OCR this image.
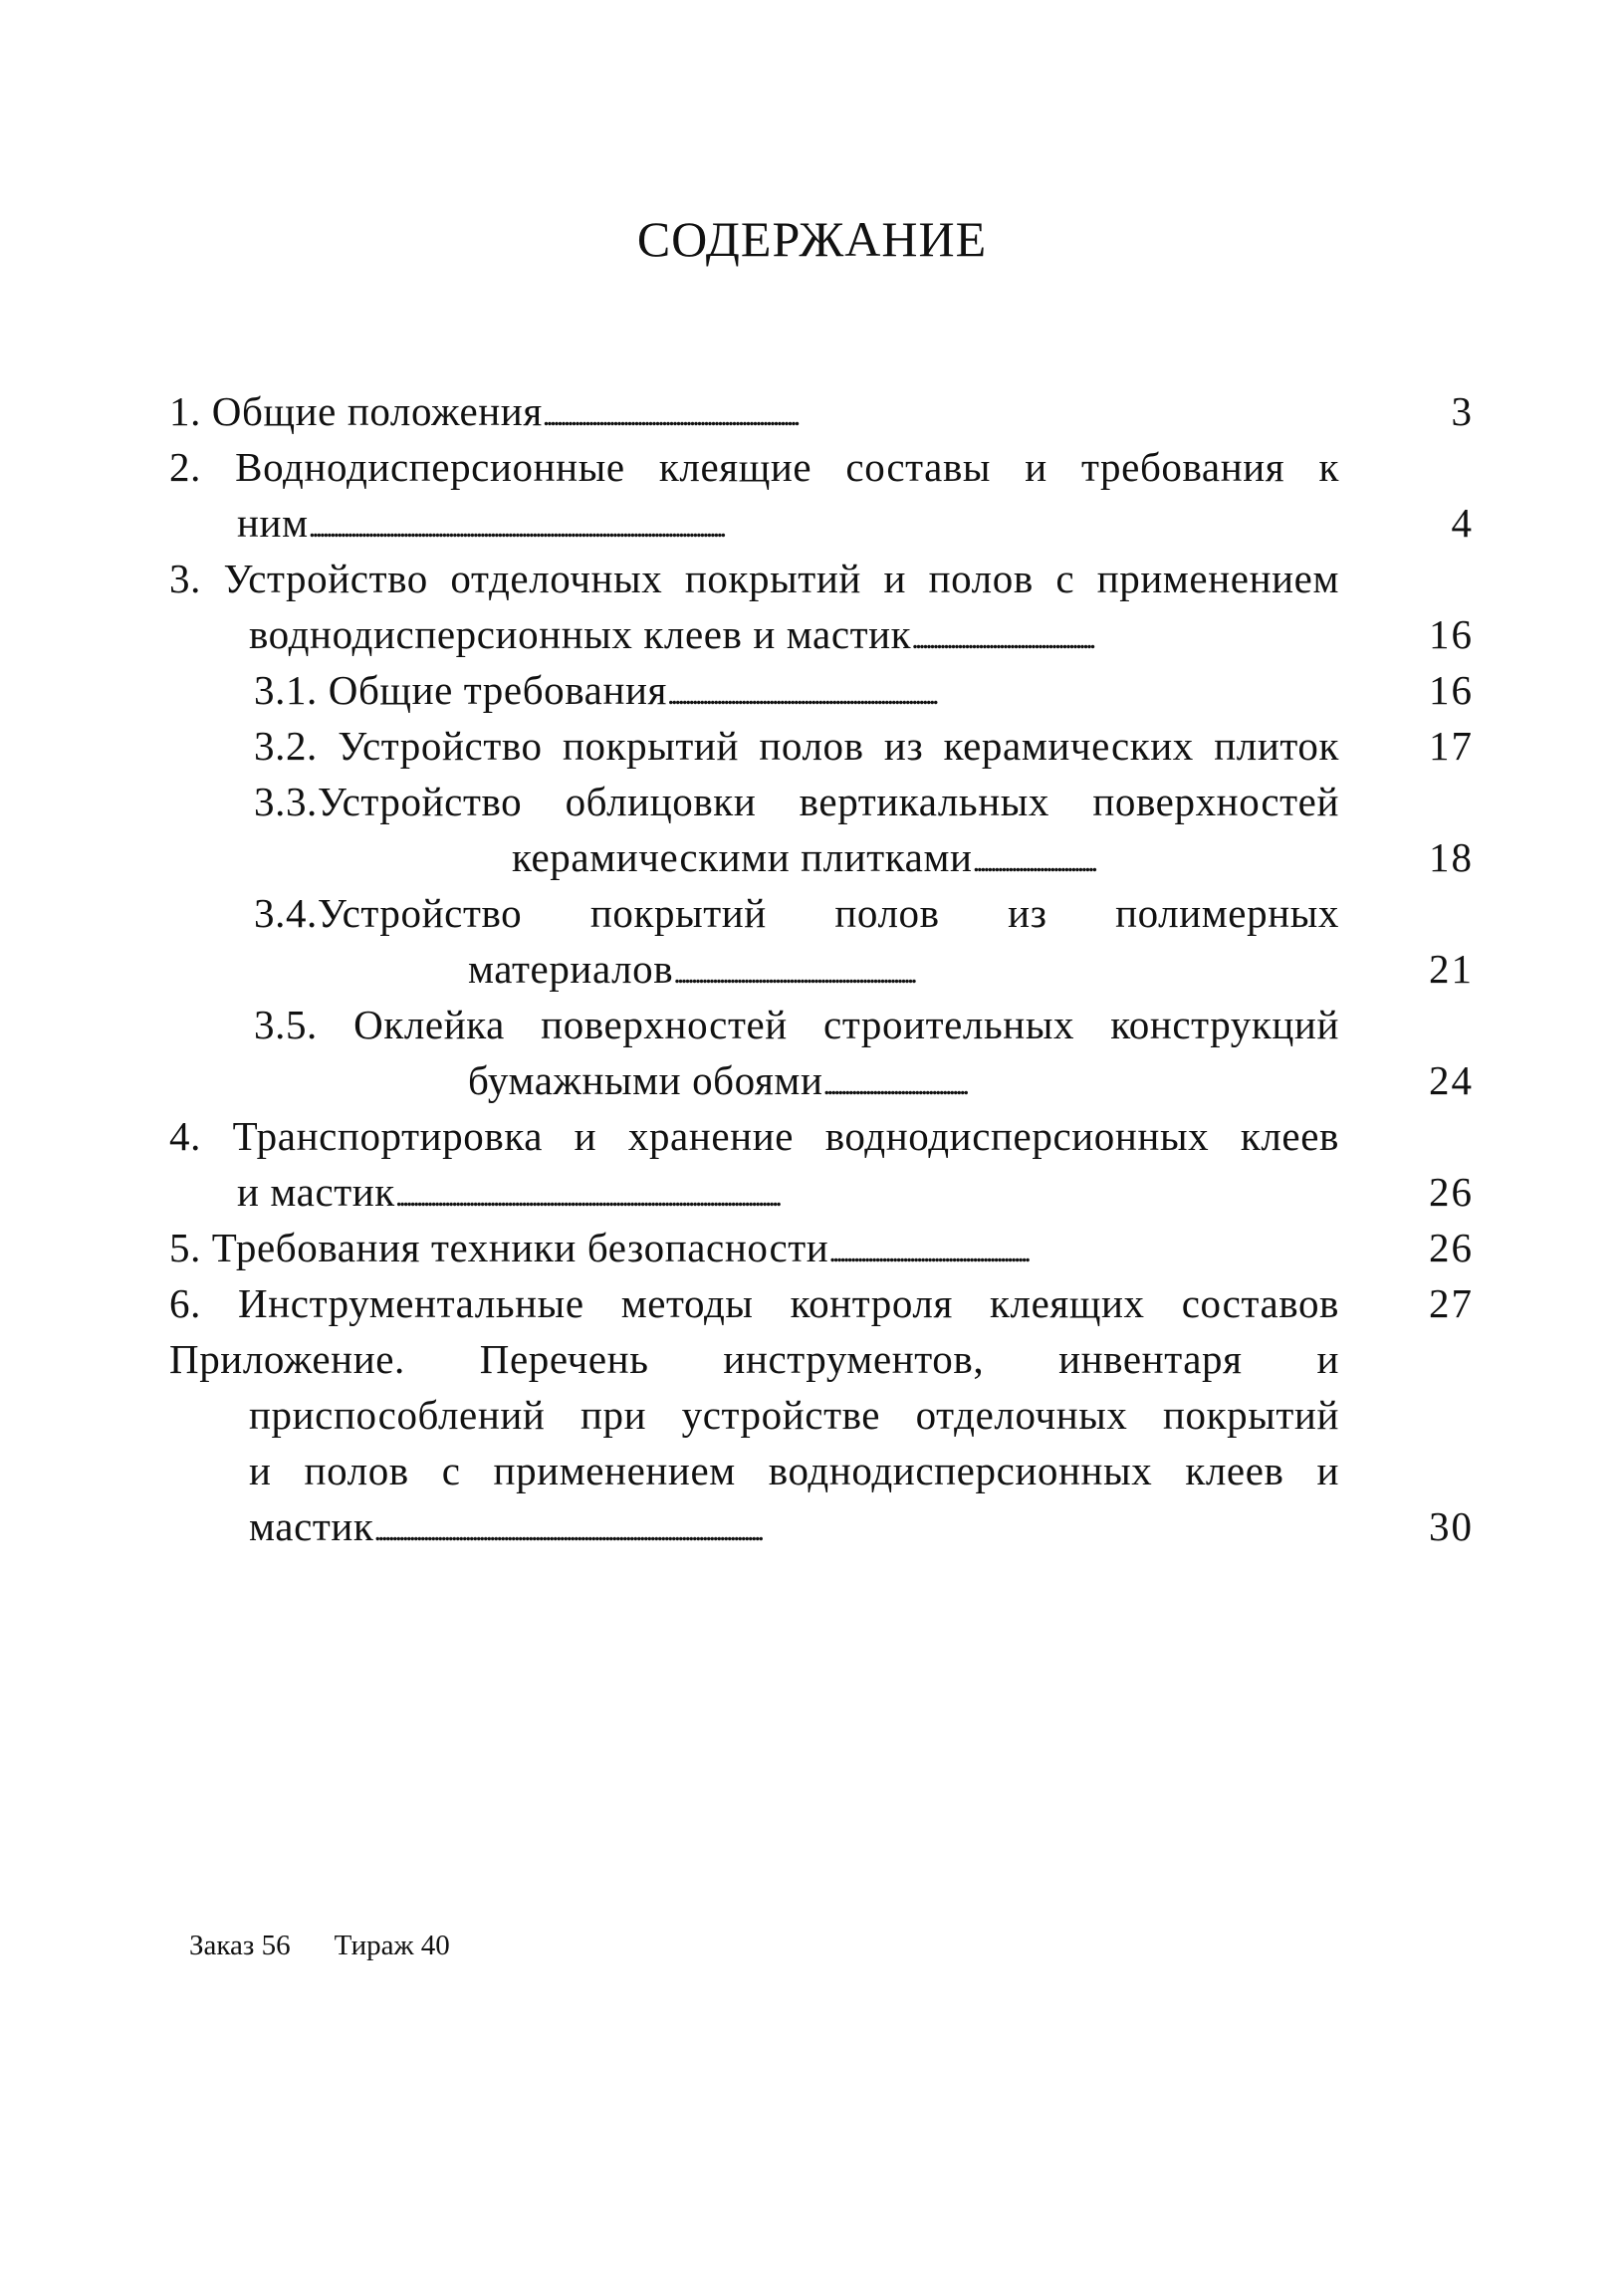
СОДЕРЖАНИЕ
1. Общие положения.........................................................................	3
2. Воднодисперсионные клеящие составы и требования к
ним.......................................................................................................................	4
3. Устройство отделочных покрытий и полов с применением
воднодисперсионных клеев и мастик....................................................	16
3.1. Общие требования.............................................................................	16
3.2. Устройство покрытий полов из керамических плиток	17
3.3.Устройство облицовки вертикальных поверхностей
керамическими плитками...................................	18
3.4.Устройство покрытий полов из полимерных
материалов.....................................................................	21
3.5. Оклейка поверхностей строительных конструкций
бумажными обоями.........................................	24
4. Транспортировка и хранение воднодисперсионных клеев
и мастик..............................................................................................................	26
5. Требования техники безопасности.........................................................	26
6. Инструментальные методы контроля клеящих составов	27
Приложение. Перечень инструментов, инвентаря и
приспособлений при устройстве отделочных покрытий
и полов с применением воднодисперсионных клеев и
мастик...............................................................................................................	30
Заказ 56 Тираж 40
